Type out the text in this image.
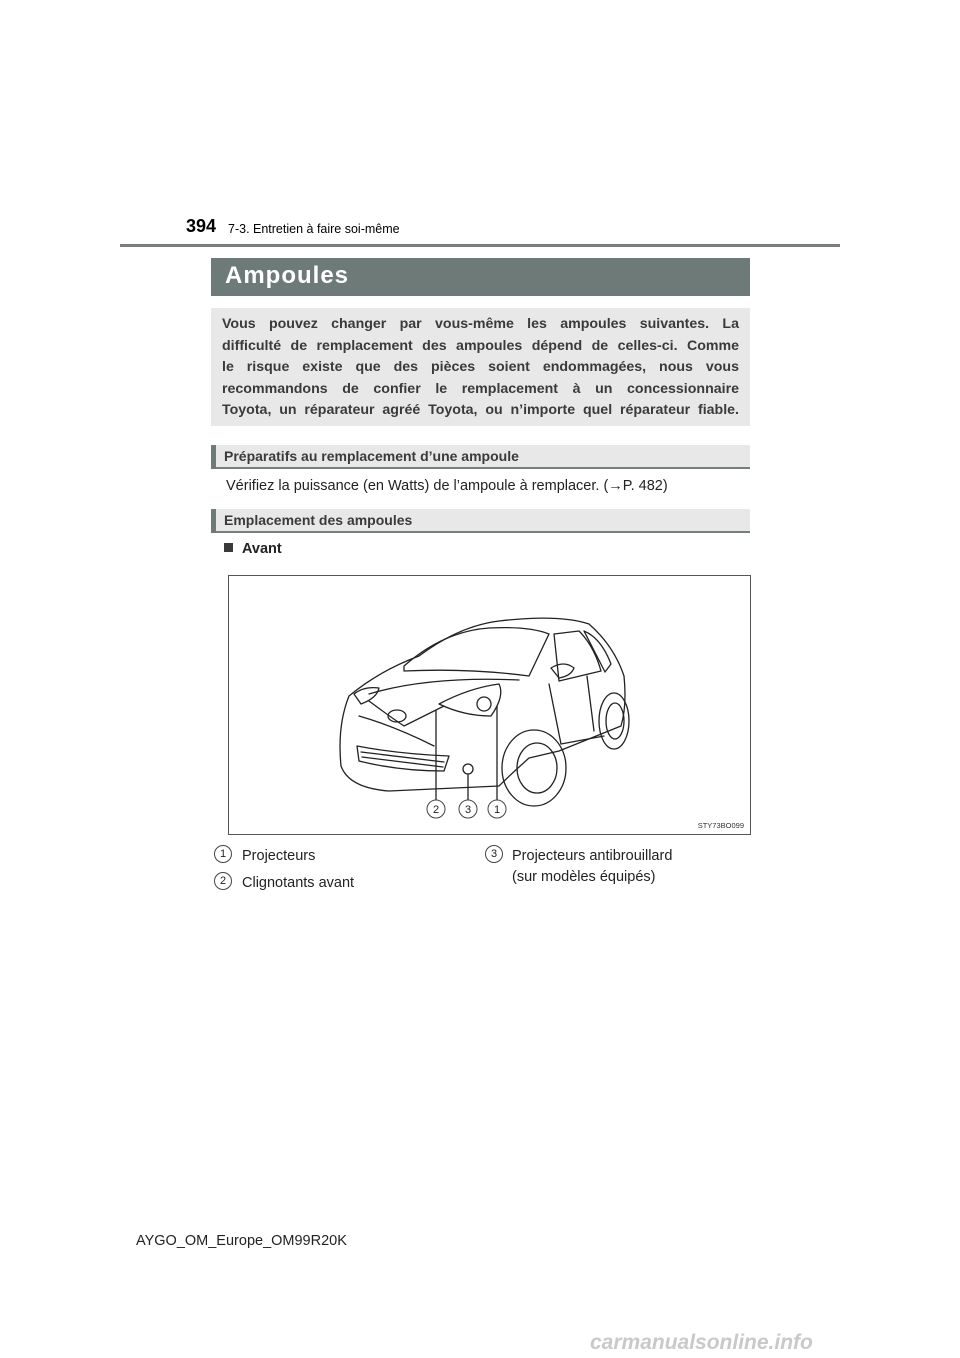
394 7-3. Entretien à faire soi-même
Ampoules
Vous pouvez changer par vous-même les ampoules suivantes. La
difficulté de remplacement des ampoules dépend de celles-ci. Comme
le risque existe que des pièces soient endommagées, nous vous
recommandons de confier le remplacement à un concessionnaire
Toyota, un réparateur agréé Toyota, ou n’importe quel réparateur fiable.
Préparatifs au remplacement d’une ampoule
Vérifiez la puissance (en Watts) de l’ampoule à remplacer. (→P. 482)
Emplacement des ampoules
Avant
2 3 1
STY73BO099
1	Projecteurs
2	Clignotants avant
3	Projecteurs antibrouillard
(sur modèles équipés)
AYGO_OM_Europe_OM99R20K
carmanualsonline.info
